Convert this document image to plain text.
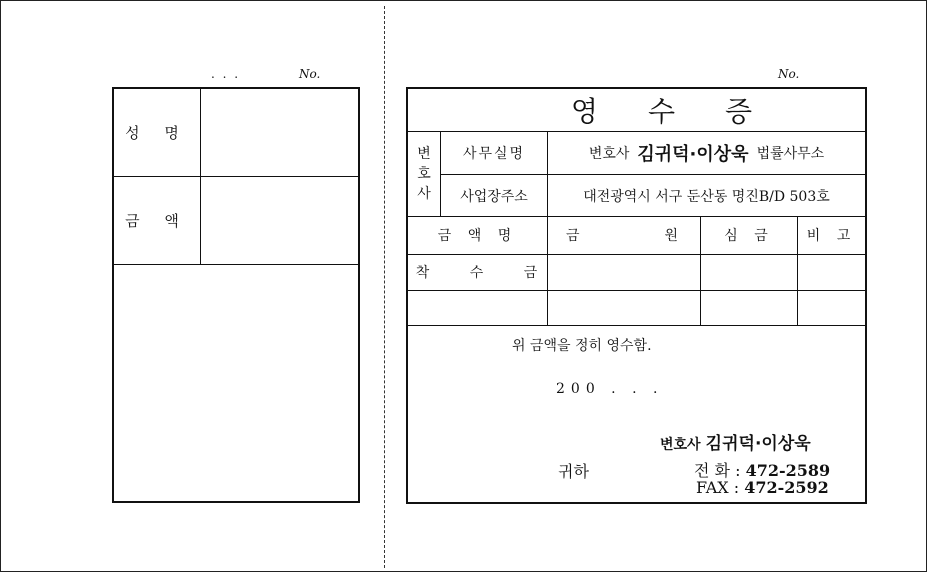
. . .	No.
성 명
금 액
No.
영수증
변
호
사
사무실명	변호사 김귀덕·이상욱 법률사무소
사업장주소	대전광역시 서구 둔산동 명진B/D 503호
금 액 명	금	원	심 금	비 고
착 수 금
위 금액을 정히 영수함.
200 . . .
변호사 김귀덕·이상욱
귀하	전 화 : 472-2589
FAX : 472-2592
